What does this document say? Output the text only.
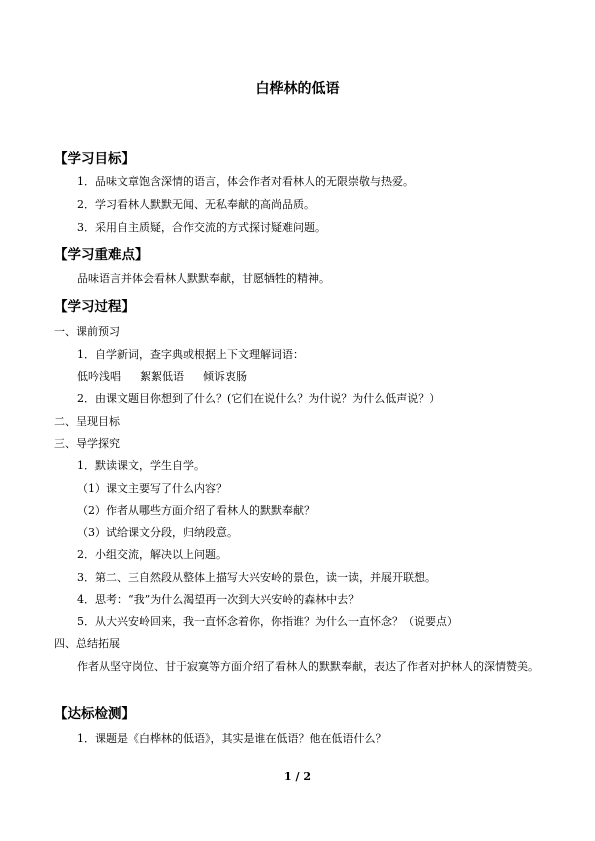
白桦林的低语
【学习目标】
1．品味文章饱含深情的语言，体会作者对看林人的无限崇敬与热爱。
2．学习看林人默默无闻、无私奉献的高尚品质。
3．采用自主质疑，合作交流的方式探讨疑难问题。
【学习重难点】
品味语言并体会看林人默默奉献，甘愿牺牲的精神。
【学习过程】
一、课前预习
1．自学新词，查字典或根据上下文理解词语：
低吟浅唱 絮絮低语 倾诉衷肠
2．由课文题目你想到了什么？(它们在说什么？为什说？为什么低声说？）
二、呈现目标
三、导学探究
1．默读课文，学生自学。
（1）课文主要写了什么内容？
（2）作者从哪些方面介绍了看林人的默默奉献？
（3）试给课文分段，归纳段意。
2．小组交流，解决以上问题。
3．第二、三自然段从整体上描写大兴安岭的景色，读一读，并展开联想。
4．思考：“我”为什么渴望再一次到大兴安岭的森林中去？
5．从大兴安岭回来，我一直怀念着你，你指谁？为什么一直怀念？（说要点）
四、总结拓展
作者从坚守岗位、甘于寂寞等方面介绍了看林人的默默奉献，表达了作者对护林人的深情赞美。
【达标检测】
1．课题是《白桦林的低语》，其实是谁在低语？他在低语什么？
1 / 2
